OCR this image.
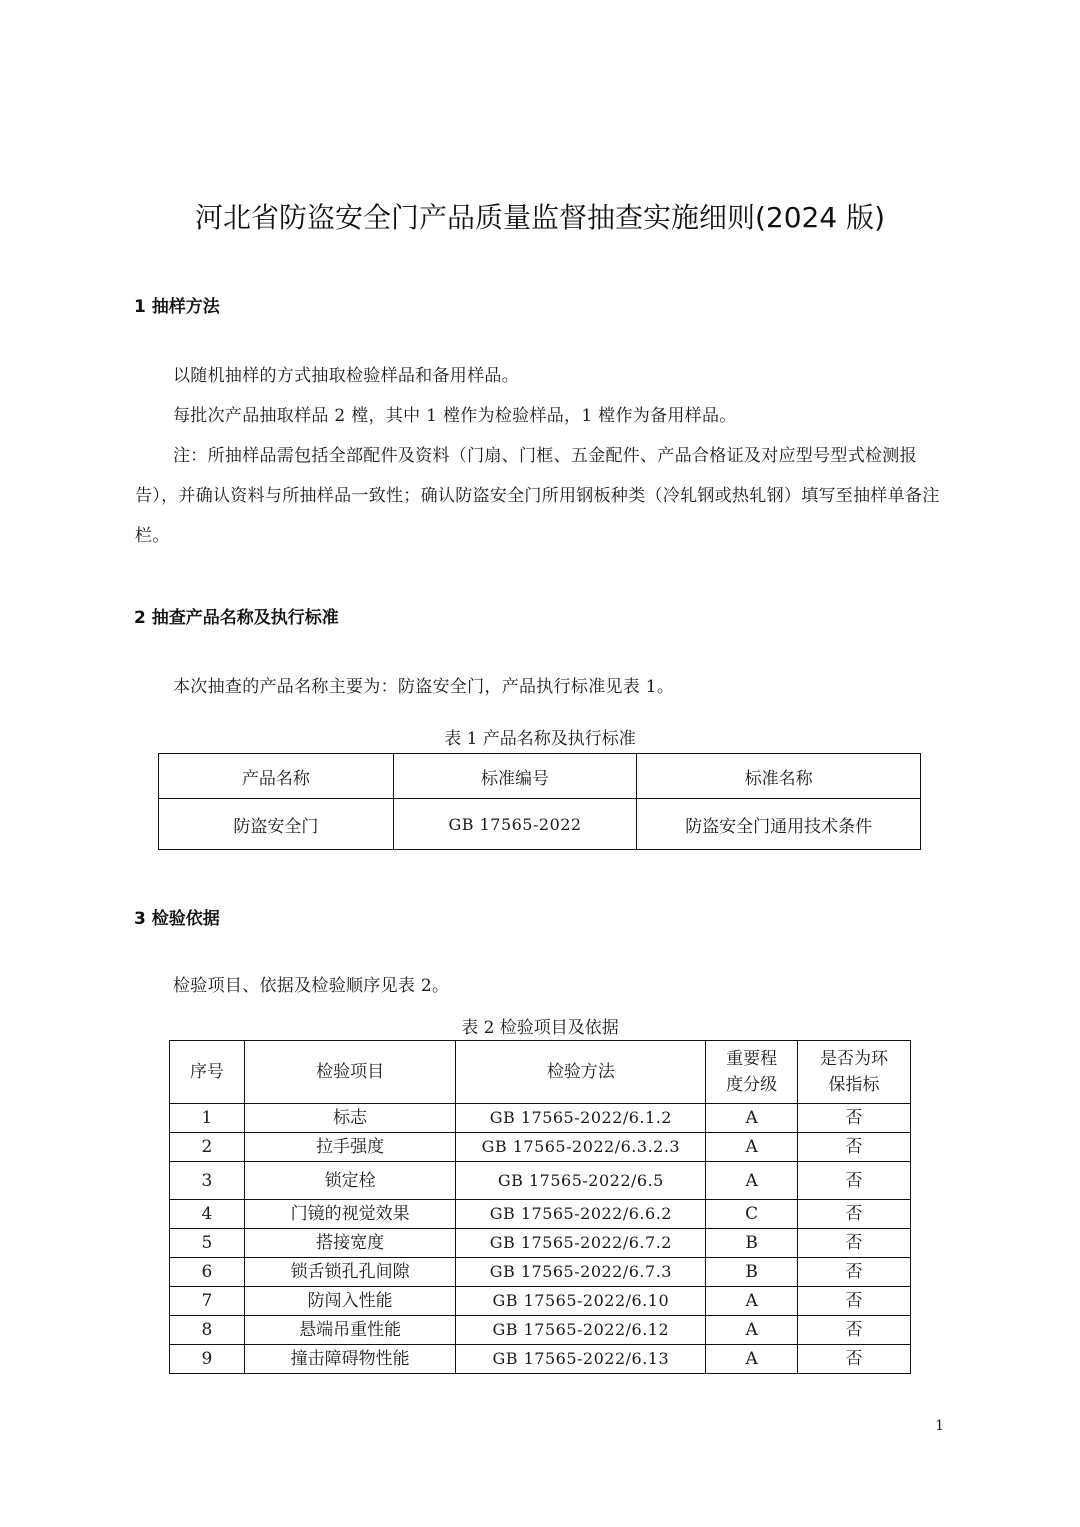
河北省防盗安全门产品质量监督抽查实施细则(2024 版)
1 抽样方法
以随机抽样的方式抽取检验样品和备用样品。
每批次产品抽取样品 2 樘，其中 1 樘作为检验样品，1 樘作为备用样品。
注：所抽样品需包括全部配件及资料（门扇、门框、五金配件、产品合格证及对应型号型式检测报告），并确认资料与所抽样品一致性；确认防盗安全门所用钢板种类（冷轧钢或热轧钢）填写至抽样单备注栏。
2 抽查产品名称及执行标准
本次抽查的产品名称主要为：防盗安全门，产品执行标准见表 1。
表 1 产品名称及执行标准
产品名称	标准编号	标准名称
防盗安全门	GB 17565-2022	防盗安全门通用技术条件
3 检验依据
检验项目、依据及检验顺序见表 2。
表 2 检验项目及依据
序号	检验项目	检验方法	重要程度分级	是否为环保指标
1	标志	GB 17565-2022/6.1.2	A	否
2	拉手强度	GB 17565-2022/6.3.2.3	A	否
3	锁定栓	GB 17565-2022/6.5	A	否
4	门镜的视觉效果	GB 17565-2022/6.6.2	C	否
5	搭接宽度	GB 17565-2022/6.7.2	B	否
6	锁舌锁孔孔间隙	GB 17565-2022/6.7.3	B	否
7	防闯入性能	GB 17565-2022/6.10	A	否
8	悬端吊重性能	GB 17565-2022/6.12	A	否
9	撞击障碍物性能	GB 17565-2022/6.13	A	否
1
